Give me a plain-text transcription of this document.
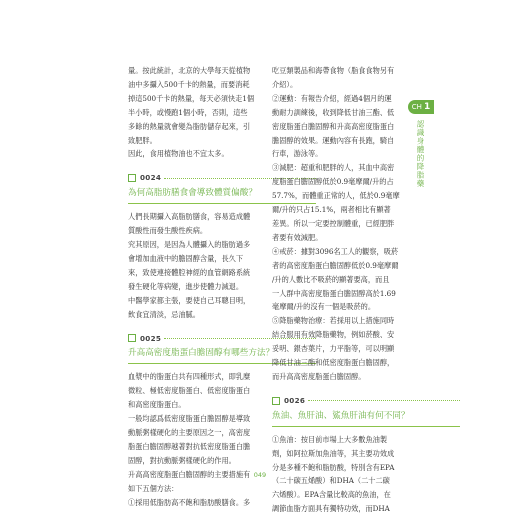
量。按此統計，北京的大學每天從植物
油中多攝入500千卡的熱量，而要消耗
掉這500千卡的熱量，每天必須快走1個
半小時，或慢跑1個小時，否則，這些
多餘的熱量就會變為脂肪儲存起來，引
致肥胖。
因此，食用植物油也不宜太多。

0024
為何高脂肪膳食會導致體質偏酸？

人們長期攝入高脂肪膳食，容易造成體
質酸性而發生酸性疾病。
究其原因，是因為人體攝入的脂肪過多
會增加血液中的膽固醇含量，長久下
來，致使連接體腔神經的血管網路系統
發生硬化等病變，進步使體力減退。
中醫學家都主張，要使自己耳聰目明，
飲食宜清淡，忌油膩。

0025
升高高密度脂蛋白膽固醇有哪些方法？

血漿中的脂蛋白共有四種形式，即乳糜
微粒、極低密度脂蛋白、低密度脂蛋白
和高密度脂蛋白。
一般均認爲低密度脂蛋白膽固醇是導致
動脈粥樣硬化的主要原因之一，高密度
脂蛋白膽固醇越著對抗低密度脂蛋白膽
固醇，對抗動脈粥樣硬化的作用。
升高高密度脂蛋白膽固醇的主要措施有
如下五個方法：
①採用低脂肪高不飽和脂肪酸膳食。多

吃豆類製品和海帶食物（脂食食物另有
介紹）。
②運動：有報告介紹，經過4個月的運
動耐力訓練後，收到降低甘油三酯、低
密度脂蛋白膽固醇和升高高密度脂蛋白
膽固醇的效果。運動內容有長跑，騎自
行車，游泳等。
③減肥：超重和肥胖的人，其血中高密
度脂蛋白膽固醇低於0.9毫摩爾/升的占
57.7%，而體重正常的人，低於0.9毫摩
爾/升的只占15.1%，兩者相比有顯著
差異。所以一定要控制體重，已經肥胖
者要有效減肥。
④戒菸：據對3096名工人的觀察，吸菸
者的高密度脂蛋白膽固醇低於0.9毫摩爾
/升的人數比不吸菸的顯著要高，而且
一人群中高密度脂蛋白膽固醇高於1.69
毫摩爾/升的沒有一個是吸菸的。
⑤降脂藥物治療：若採用以上措施同時
結合服用有效降脂藥物，例如菸酸、安
妥明、銀杏葉片，力平脂等，可以明顯
降低甘油三酯和低密度脂蛋白膽固醇，
而升高高密度脂蛋白膽固醇。

0026
魚油、魚肝油、鯊魚肝油有何不同？

①魚油：按目前市場上大多數魚油製
劑，如阿拉斯加魚油等，其主要功效成
分是多種不飽和脂肪酸，特別含有EPA
（二十碳五烯酸）和DHA（二十二碳
六烯酸）。EPA含量比較高的魚油，在
調節血脂方面具有獨特功效，而DHA

CH 1
認識身體的降脂藥
049
